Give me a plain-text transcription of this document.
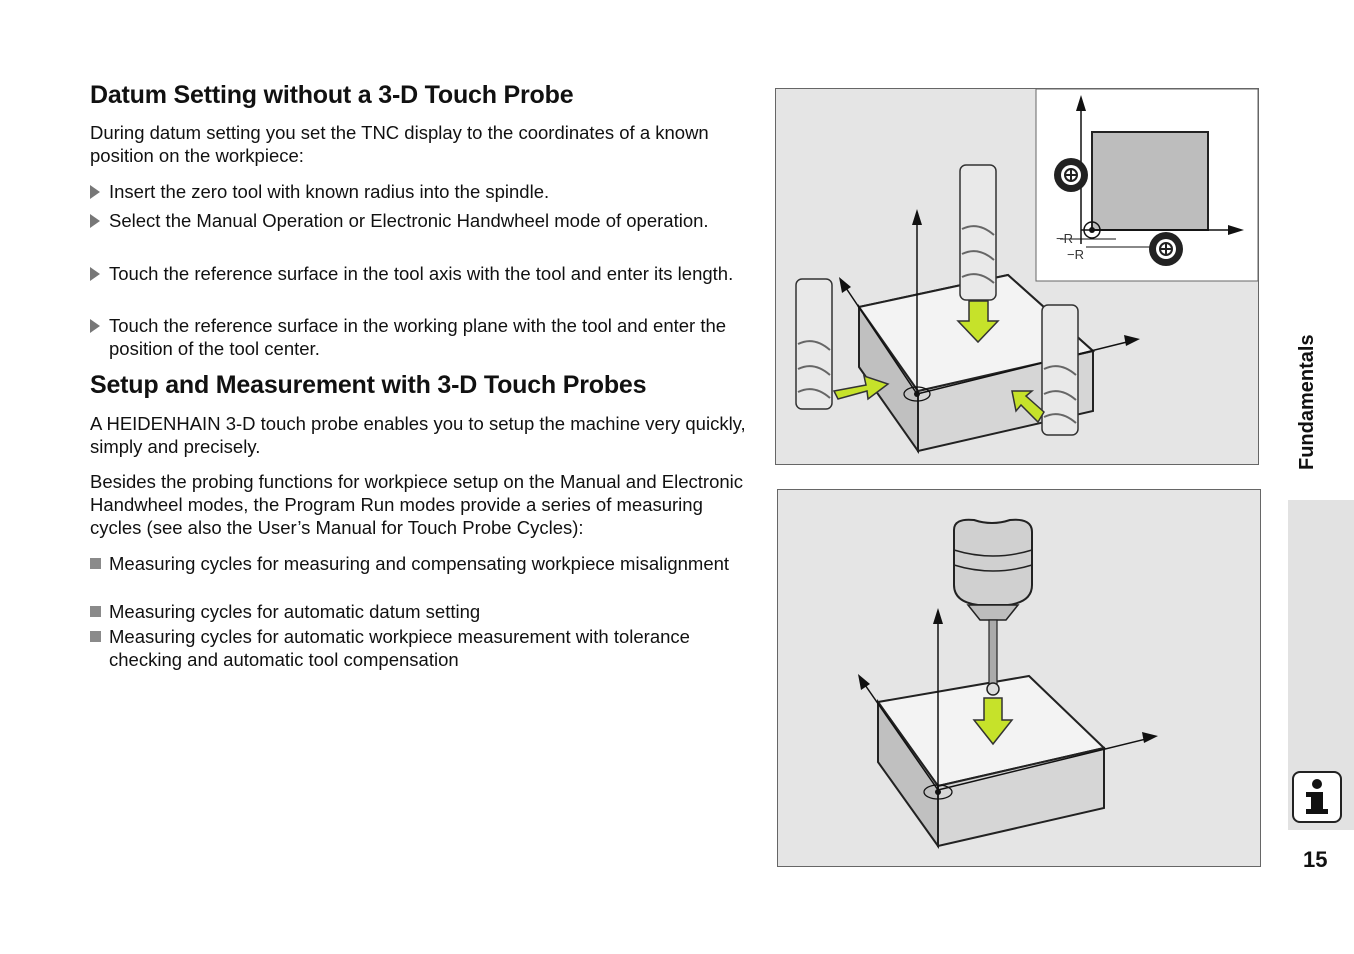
Datum Setting without a 3-D Touch Probe

During datum setting you set the TNC display to the coordinates of a known position on the workpiece:

Insert the zero tool with known radius into the spindle.
Select the Manual Operation or Electronic Handwheel mode of operation.
Touch the reference surface in the tool axis with the tool and enter its length.
Touch the reference surface in the working plane with the tool and enter the position of the tool center.
Setup and Measurement with 3-D Touch Probes

A HEIDENHAIN 3-D touch probe enables you to setup the machine very quickly, simply and precisely.

Besides the probing functions for workpiece setup on the Manual and Electronic Handwheel modes, the Program Run modes provide a series of measuring cycles (see also the User’s Manual for Touch Probe Cycles):

Measuring cycles for measuring and compensating workpiece misalignment
Measuring cycles for automatic datum setting
Measuring cycles for automatic workpiece measurement with tolerance checking and automatic tool compensation
−R
−R
Fundamentals
15
